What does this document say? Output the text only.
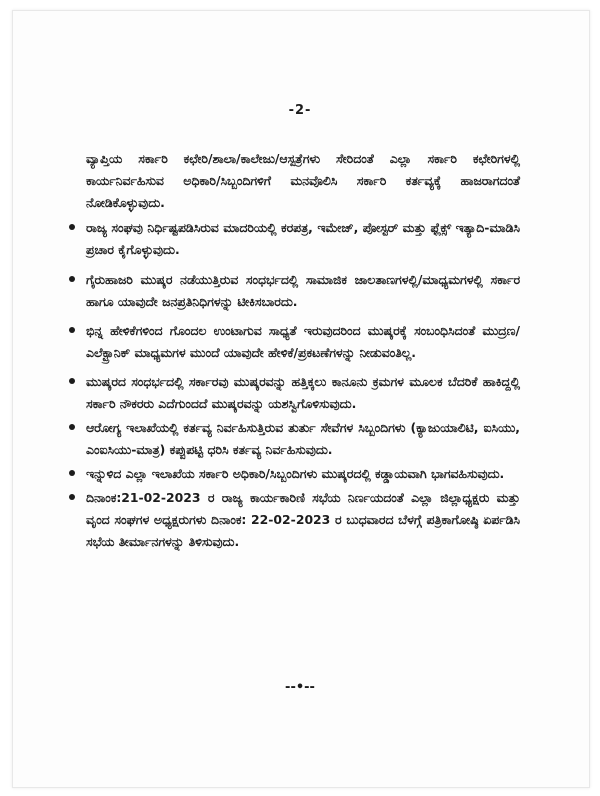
-2-
ವ್ಯಾಪ್ತಿಯ ಸರ್ಕಾರಿ ಕಛೇರಿ/ಶಾಲಾ/ಕಾಲೇಜು/ಆಸ್ಪತ್ರೆಗಳು ಸೇರಿದಂತೆ ಎಲ್ಲಾ ಸರ್ಕಾರಿ ಕಛೇರಿಗಳಲ್ಲಿ ಕಾರ್ಯನಿರ್ವಹಿಸುವ ಅಧಿಕಾರಿ/ಸಿಬ್ಬಂದಿಗಳಿಗೆ ಮನವೊಲಿಸಿ ಸರ್ಕಾರಿ ಕರ್ತವ್ಯಕ್ಕೆ ಹಾಜರಾಗದಂತೆ ನೋಡಿಕೊಳ್ಳುವುದು.
ರಾಜ್ಯ ಸಂಘವು ನಿರ್ಧಿಷ್ಟಪಡಿಸಿರುವ ಮಾದರಿಯಲ್ಲಿ ಕರಪತ್ರ, ಇಮೇಜ್, ಪೋಸ್ಟರ್ ಮತ್ತು ಫ್ಲೆಕ್ಸ್ ಇತ್ಯಾದಿ-ಮಾಡಿಸಿ ಪ್ರಚಾರ ಕೈಗೊಳ್ಳುವುದು.
ಗೈರುಹಾಜರಿ ಮುಷ್ಕರ ನಡೆಯುತ್ತಿರುವ ಸಂಧರ್ಭದಲ್ಲಿ ಸಾಮಾಜಿಕ ಜಾಲತಾಣಗಳಲ್ಲಿ/ಮಾಧ್ಯಮಗಳಲ್ಲಿ ಸರ್ಕಾರ ಹಾಗೂ ಯಾವುದೇ ಜನಪ್ರತಿನಿಧಿಗಳನ್ನು ಟೀಕಿಸಬಾರದು.
ಭಿನ್ನ ಹೇಳಿಕೆಗಳಿಂದ ಗೊಂದಲ ಉಂಟಾಗುವ ಸಾಧ್ಯತೆ ಇರುವುದರಿಂದ ಮುಷ್ಕರಕ್ಕೆ ಸಂಬಂಧಿಸಿದಂತೆ ಮುದ್ರಣ/ಎಲೆಕ್ಟ್ರಾನಿಕ್ ಮಾಧ್ಯಮಗಳ ಮುಂದೆ ಯಾವುದೇ ಹೇಳಿಕೆ/ಪ್ರಕಟಣೆಗಳನ್ನು ನೀಡುವಂತಿಲ್ಲ.
ಮುಷ್ಕರದ ಸಂಧರ್ಭದಲ್ಲಿ ಸರ್ಕಾರವು ಮುಷ್ಕರವನ್ನು ಹತ್ತಿಕ್ಕಲು ಕಾನೂನು ಕ್ರಮಗಳ ಮೂಲಕ ಬೆದರಿಕೆ ಹಾಕಿದ್ದಲ್ಲಿ ಸರ್ಕಾರಿ ನೌಕರರು ಎದೆಗುಂದದೆ ಮುಷ್ಕರವನ್ನು ಯಶಸ್ವಿಗೊಳಿಸುವುದು.
ಆರೋಗ್ಯ ಇಲಾಖೆಯಲ್ಲಿ ಕರ್ತವ್ಯ ನಿರ್ವಹಿಸುತ್ತಿರುವ ತುರ್ತು ಸೇವೆಗಳ ಸಿಬ್ಬಂದಿಗಳು (ಕ್ಯಾಜುಯಾಲಿಟಿ, ಐಸಿಯು, ಎಂಐಸಿಯು-ಮಾತ್ರ) ಕಪ್ಪುಪಟ್ಟಿ ಧರಿಸಿ ಕರ್ತವ್ಯ ನಿರ್ವಹಿಸುವುದು.
ಇನ್ನುಳಿದ ಎಲ್ಲಾ ಇಲಾಖೆಯ ಸರ್ಕಾರಿ ಅಧಿಕಾರಿ/ಸಿಬ್ಬಂದಿಗಳು ಮುಷ್ಕರದಲ್ಲಿ ಕಡ್ಡಾಯವಾಗಿ ಭಾಗವಹಿಸುವುದು.
ದಿನಾಂಕ:21-02-2023 ರ ರಾಜ್ಯ ಕಾರ್ಯಕಾರಿಣಿ ಸಭೆಯ ನಿರ್ಣಯದಂತೆ ಎಲ್ಲಾ ಜಿಲ್ಲಾಧ್ಯಕ್ಷರು ಮತ್ತು ವೃಂದ ಸಂಘಗಳ ಅಧ್ಯಕ್ಷರುಗಳು ದಿನಾಂಕ: 22-02-2023 ರ ಬುಧವಾರದ ಬೆಳಗ್ಗೆ ಪತ್ರಿಕಾಗೋಷ್ಠಿ ಏರ್ಪಡಿಸಿ ಸಭೆಯ ತೀರ್ಮಾನಗಳನ್ನು ತಿಳಿಸುವುದು.
--•--
